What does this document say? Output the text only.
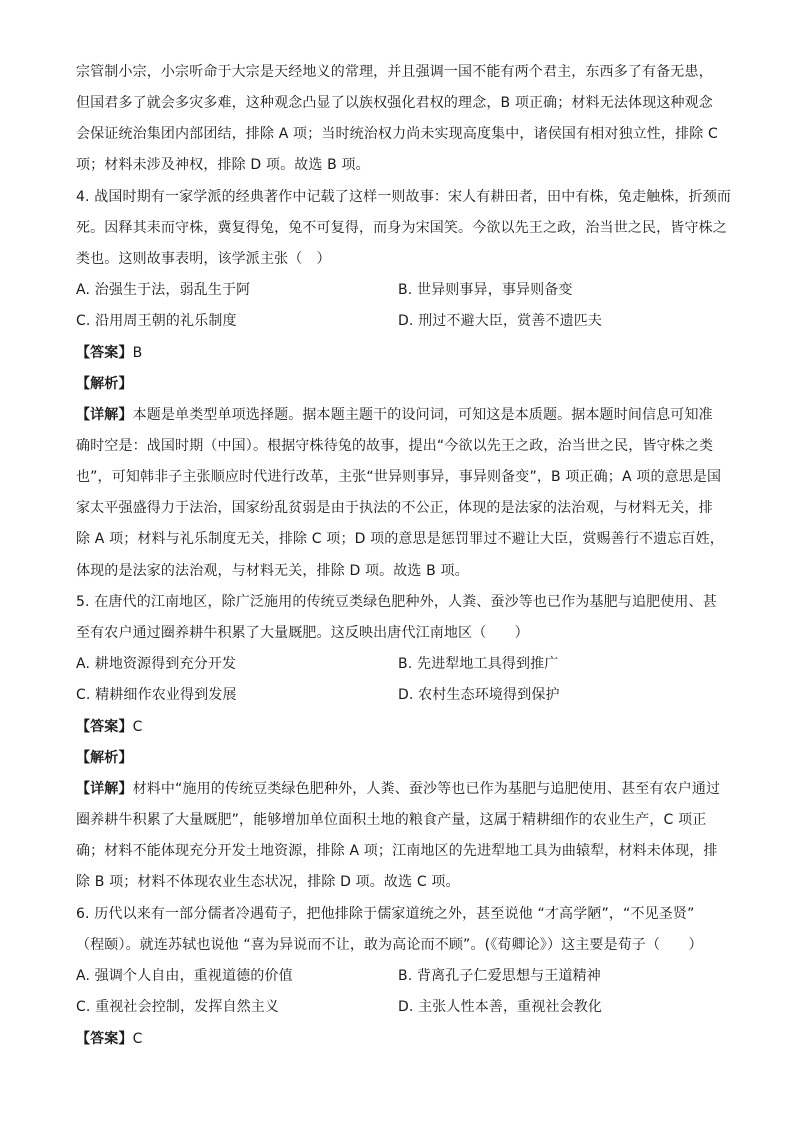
宗管制小宗，小宗听命于大宗是天经地义的常理，并且强调一国不能有两个君主，东西多了有备无患，
但国君多了就会多灾多难，这种观念凸显了以族权强化君权的理念，B 项正确；材料无法体现这种观念
会保证统治集团内部团结，排除 A 项；当时统治权力尚未实现高度集中，诸侯国有相对独立性，排除 C
项；材料未涉及神权，排除 D 项。故选 B 项。
4. 战国时期有一家学派的经典著作中记载了这样一则故事：宋人有耕田者，田中有株，兔走触株，折颈而
死。因释其耒而守株，冀复得兔，兔不可复得，而身为宋国笑。今欲以先王之政，治当世之民，皆守株之
类也。这则故事表明，该学派主张（　）
A. 治强生于法，弱乱生于阿	B. 世异则事异，事异则备变
C. 沿用周王朝的礼乐制度	D. 刑过不避大臣，赏善不遗匹夫
【答案】B
【解析】
【详解】本题是单类型单项选择题。据本题主题干的设问词，可知这是本质题。据本题时间信息可知准
确时空是：战国时期（中国）。根据守株待兔的故事，提出“今欲以先王之政，治当世之民，皆守株之类
也”，可知韩非子主张顺应时代进行改革，主张“世异则事异，事异则备变”，B 项正确；A 项的意思是国
家太平强盛得力于法治，国家纷乱贫弱是由于执法的不公正，体现的是法家的法治观，与材料无关，排
除 A 项；材料与礼乐制度无关，排除 C 项；D 项的意思是惩罚罪过不避让大臣，赏赐善行不遗忘百姓，
体现的是法家的法治观，与材料无关，排除 D 项。故选 B 项。
5. 在唐代的江南地区，除广泛施用的传统豆类绿色肥种外，人粪、蚕沙等也已作为基肥与追肥使用、甚
至有农户通过圈养耕牛积累了大量厩肥。这反映出唐代江南地区（　　）
A. 耕地资源得到充分开发	B. 先进犁地工具得到推广
C. 精耕细作农业得到发展	D. 农村生态环境得到保护
【答案】C
【解析】
【详解】材料中“施用的传统豆类绿色肥种外，人粪、蚕沙等也已作为基肥与追肥使用、甚至有农户通过
圈养耕牛积累了大量厩肥”，能够增加单位面积土地的粮食产量，这属于精耕细作的农业生产，C 项正
确；材料不能体现充分开发土地资源，排除 A 项；江南地区的先进犁地工具为曲辕犁，材料未体现，排
除 B 项；材料不体现农业生态状况，排除 D 项。故选 C 项。
6. 历代以来有一部分儒者冷遇荀子，把他排除于儒家道统之外，甚至说他 “才高学陋”，“不见圣贤”
（程颐）。就连苏轼也说他 “喜为异说而不让，敢为高论而不顾”。(《荀卿论》）这主要是荀子（　　）
A. 强调个人自由，重视道德的价值	B. 背离孔子仁爱思想与王道精神
C. 重视社会控制，发挥自然主义	D. 主张人性本善，重视社会教化
【答案】C
